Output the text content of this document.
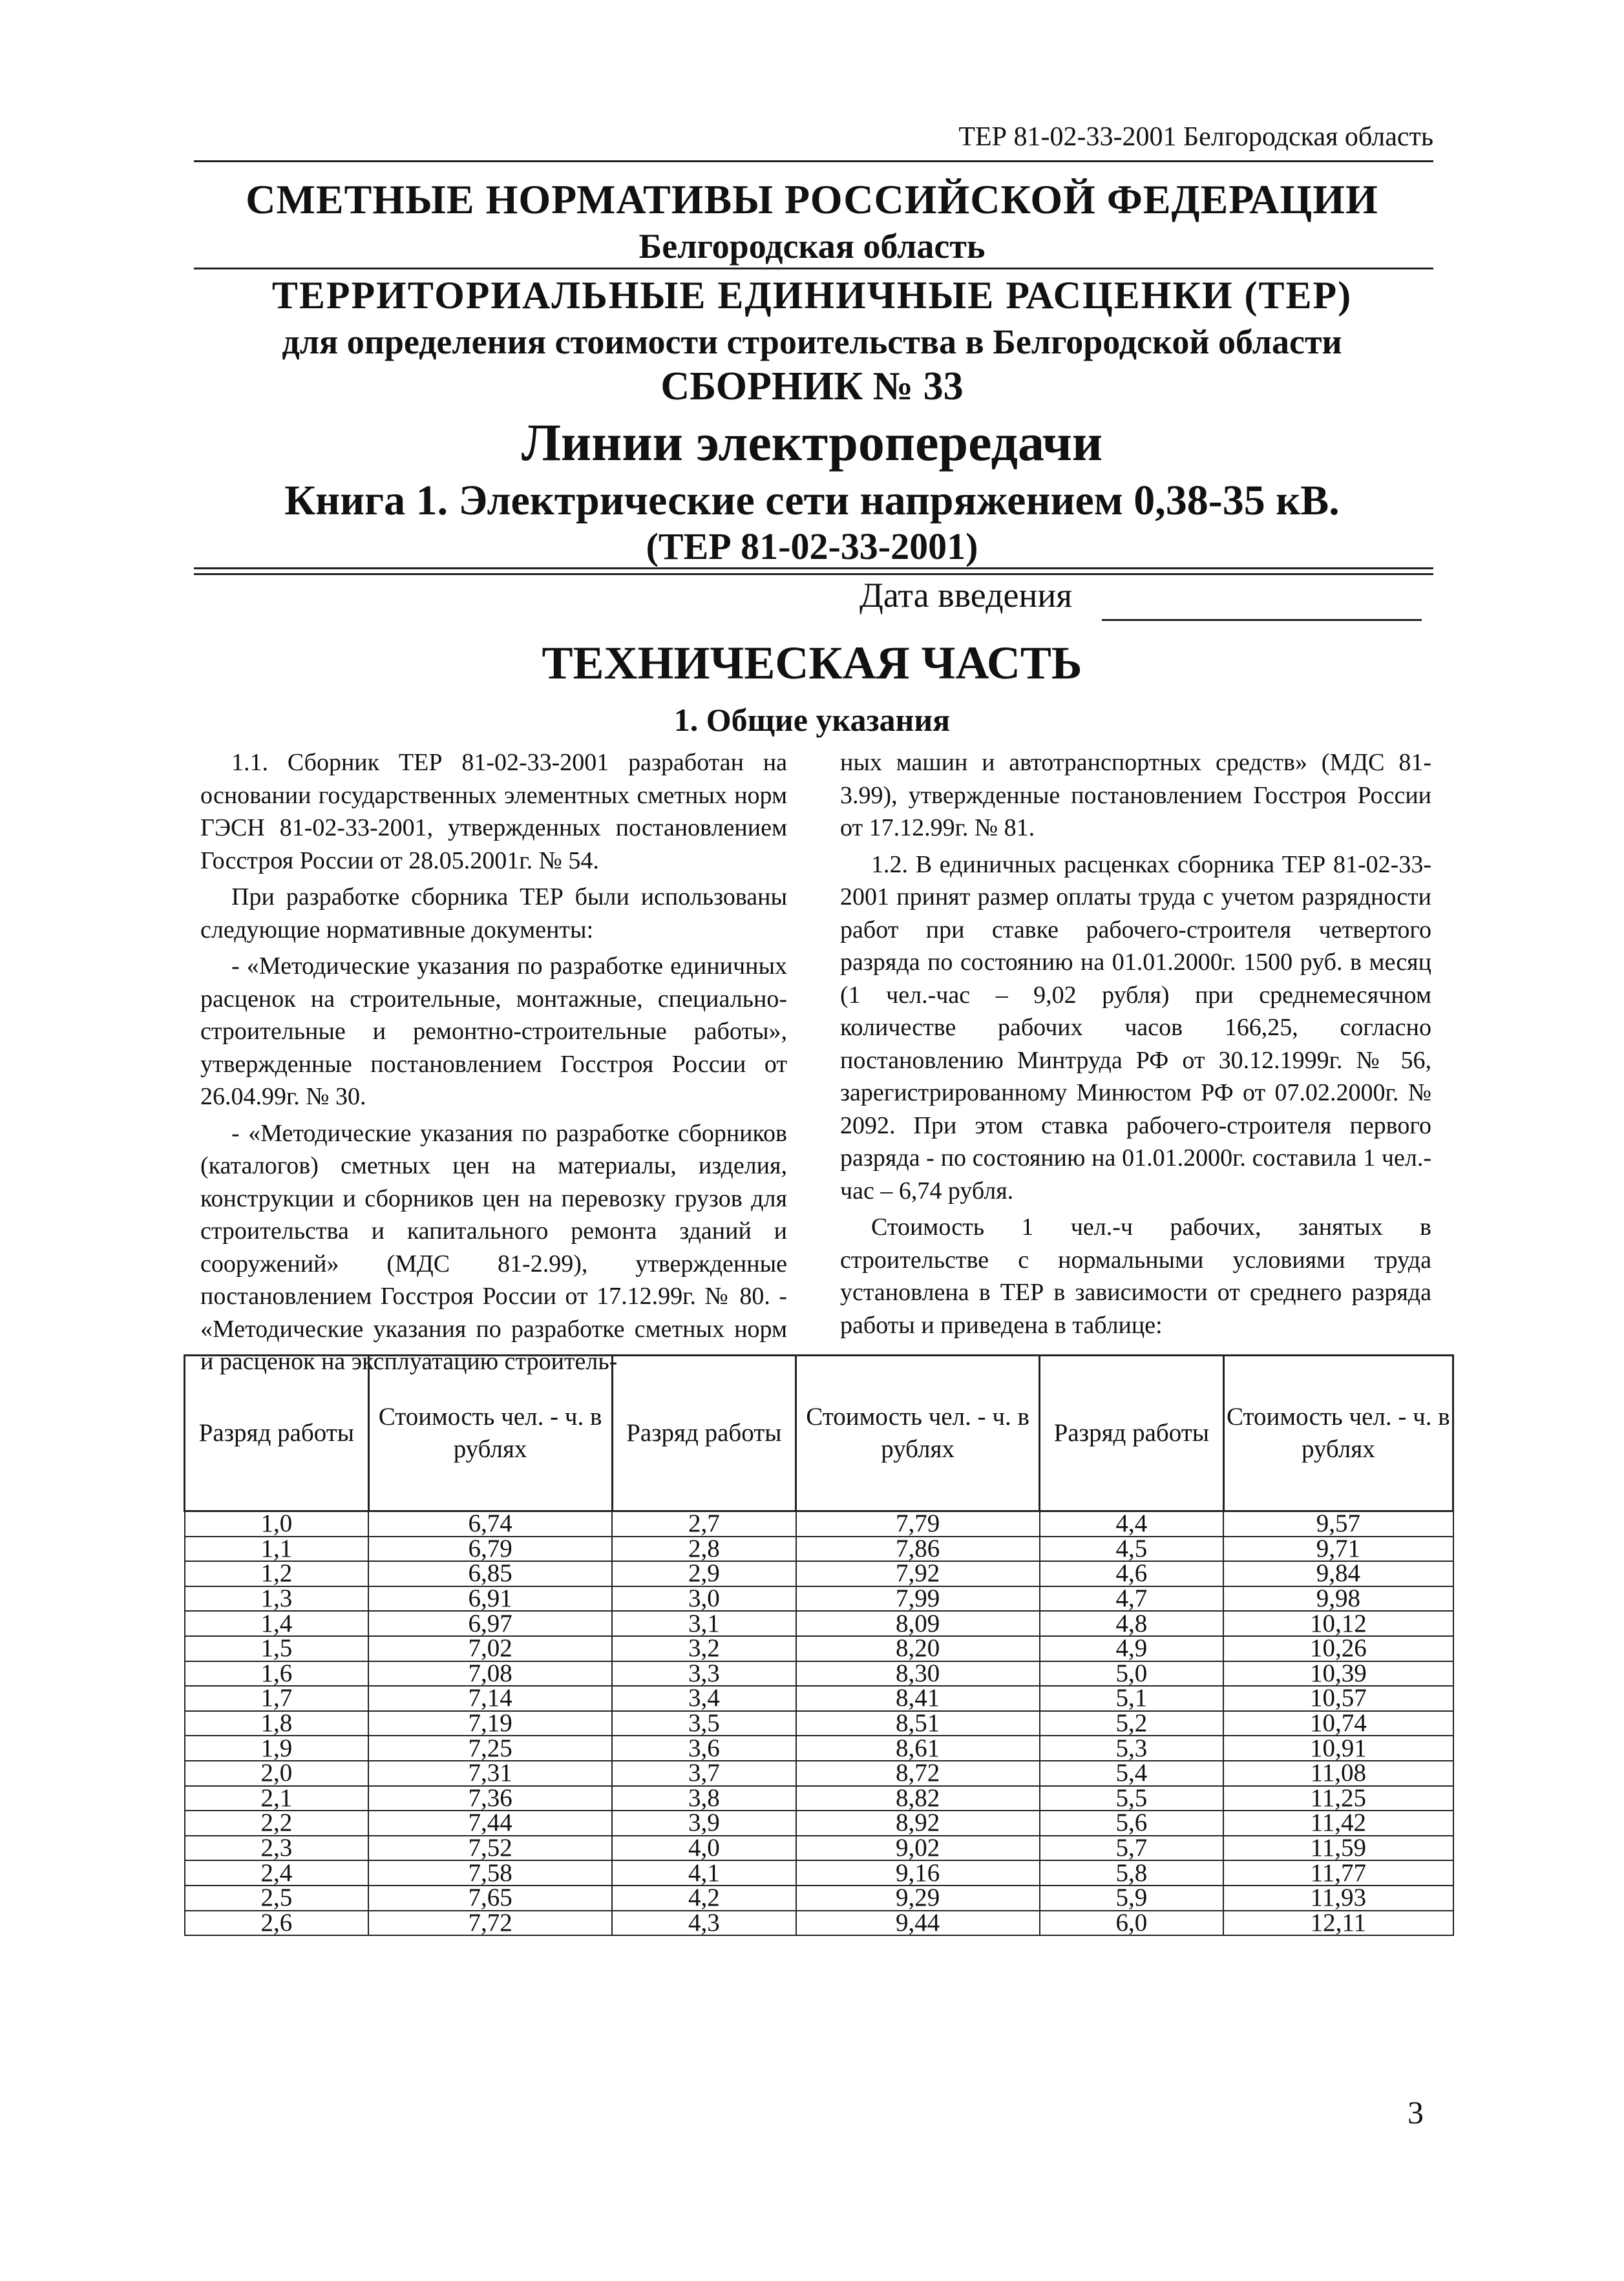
ТЕР 81-02-33-2001 Белгородская область
СМЕТНЫЕ НОРМАТИВЫ РОССИЙСКОЙ ФЕДЕРАЦИИ
Белгородская область
ТЕРРИТОРИАЛЬНЫЕ ЕДИНИЧНЫЕ РАСЦЕНКИ (ТЕР)
для определения стоимости строительства в Белгородской области
СБОРНИК № 33
Линии электропередачи
Книга 1. Электрические сети напряжением 0,38-35 кВ.
(ТЕР 81-02-33-2001)
Дата введения
ТЕХНИЧЕСКАЯ ЧАСТЬ
1. Общие указания

1.1. Сборник ТЕР 81-02-33-2001 разработан на основании государственных элементных сметных норм ГЭСН 81-02-33-2001, утвержденных постановлением Госстроя России от 28.05.2001г. № 54.

При разработке сборника ТЕР были использованы следующие нормативные документы:

- «Методические указания по разработке единичных расценок на строительные, монтажные, специально-строительные и ремонтно-строительные работы», утвержденные постановлением Госстроя России от 26.04.99г. № 30.

- «Методические указания по разработке сборников (каталогов) сметных цен на материалы, изделия, конструкции и сборников цен на перевозку грузов для строительства и капитального ремонта зданий и сооружений» (МДС 81-2.99), утвержденные постановлением Госстроя России от 17.12.99г. № 80. - «Методические указания по разработке сметных норм и расценок на эксплуатацию строитель-

ных машин и автотранспортных средств» (МДС 81-3.99), утвержденные постановлением Госстроя России от 17.12.99г. № 81.

1.2. В единичных расценках сборника ТЕР 81-02-33-2001 принят размер оплаты труда с учетом разрядности работ при ставке рабочего-строителя четвертого разряда по состоянию на 01.01.2000г. 1500 руб. в месяц (1 чел.-час – 9,02 рубля) при среднемесячном количестве рабочих часов 166,25, согласно постановлению Минтруда РФ от 30.12.1999г. № 56, зарегистрированному Минюстом РФ от 07.02.2000г. № 2092. При этом ставка рабочего-строителя первого разряда - по состоянию на 01.01.2000г. составила 1 чел.-час – 6,74 рубля.

Стоимость 1 чел.-ч рабочих, занятых в строительстве с нормальными условиями труда установлена в ТЕР в зависимости от среднего разряда работы и приведена в таблице:

Разряд работы	Стоимость чел. - ч. в рублях	Разряд работы	Стоимость чел. - ч. в рублях	Разряд работы	Стоимость чел. - ч. в рублях
1,0	6,74	2,7	7,79	4,4	9,57
1,1	6,79	2,8	7,86	4,5	9,71
1,2	6,85	2,9	7,92	4,6	9,84
1,3	6,91	3,0	7,99	4,7	9,98
1,4	6,97	3,1	8,09	4,8	10,12
1,5	7,02	3,2	8,20	4,9	10,26
1,6	7,08	3,3	8,30	5,0	10,39
1,7	7,14	3,4	8,41	5,1	10,57
1,8	7,19	3,5	8,51	5,2	10,74
1,9	7,25	3,6	8,61	5,3	10,91
2,0	7,31	3,7	8,72	5,4	11,08
2,1	7,36	3,8	8,82	5,5	11,25
2,2	7,44	3,9	8,92	5,6	11,42
2,3	7,52	4,0	9,02	5,7	11,59
2,4	7,58	4,1	9,16	5,8	11,77
2,5	7,65	4,2	9,29	5,9	11,93
2,6	7,72	4,3	9,44	6,0	12,11
3
